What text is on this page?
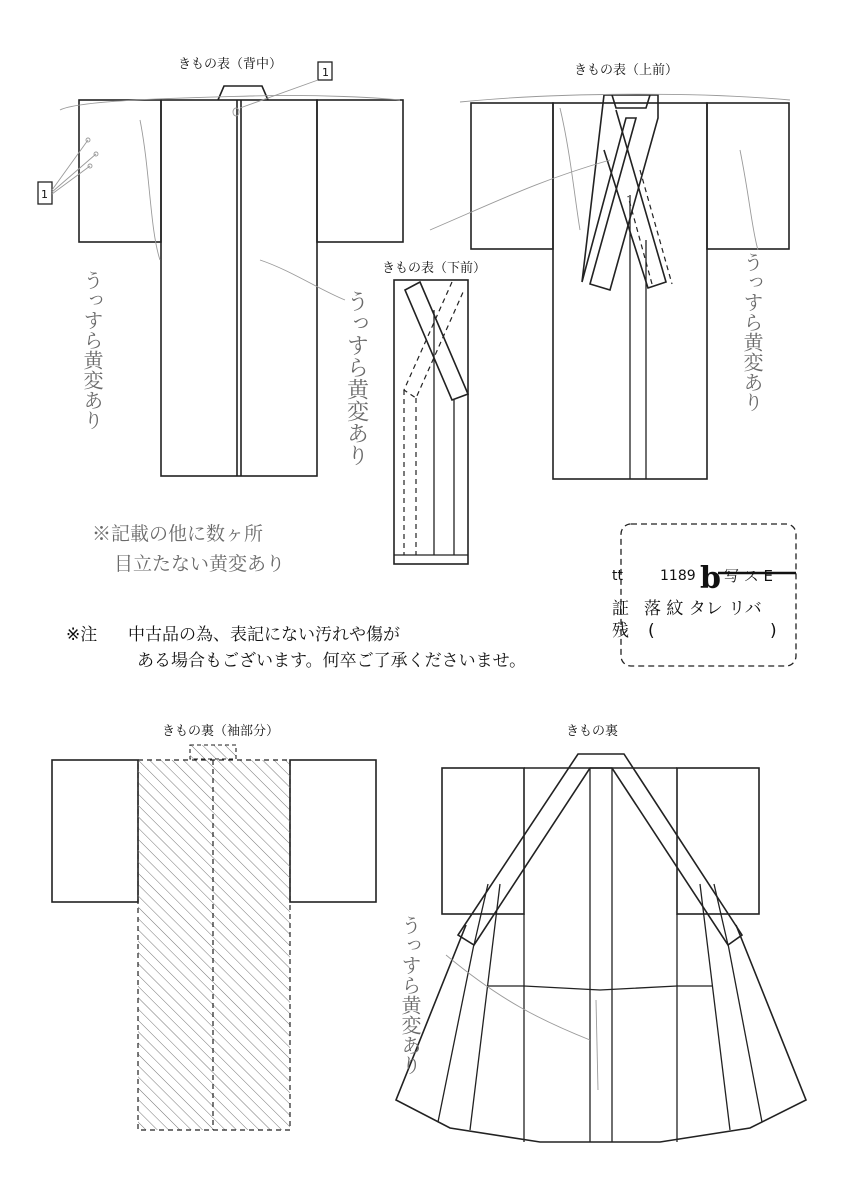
きもの表（背中）
1
1
うっすら黄変あり	うっすら黄変あり
きもの表（下前）
きもの表（上前）
うっすら黄変あり
※記載の他に数ヶ所
目立たない黄変あり
tt	1189 b 写 ス E
証 落 紋 タレ リバ
残 (	)
※注 中古品の為、表記にない汚れや傷が
ある場合もございます。何卒ご了承くださいませ。
きもの裏（袖部分）	きもの裏
うっすら黄変あり
